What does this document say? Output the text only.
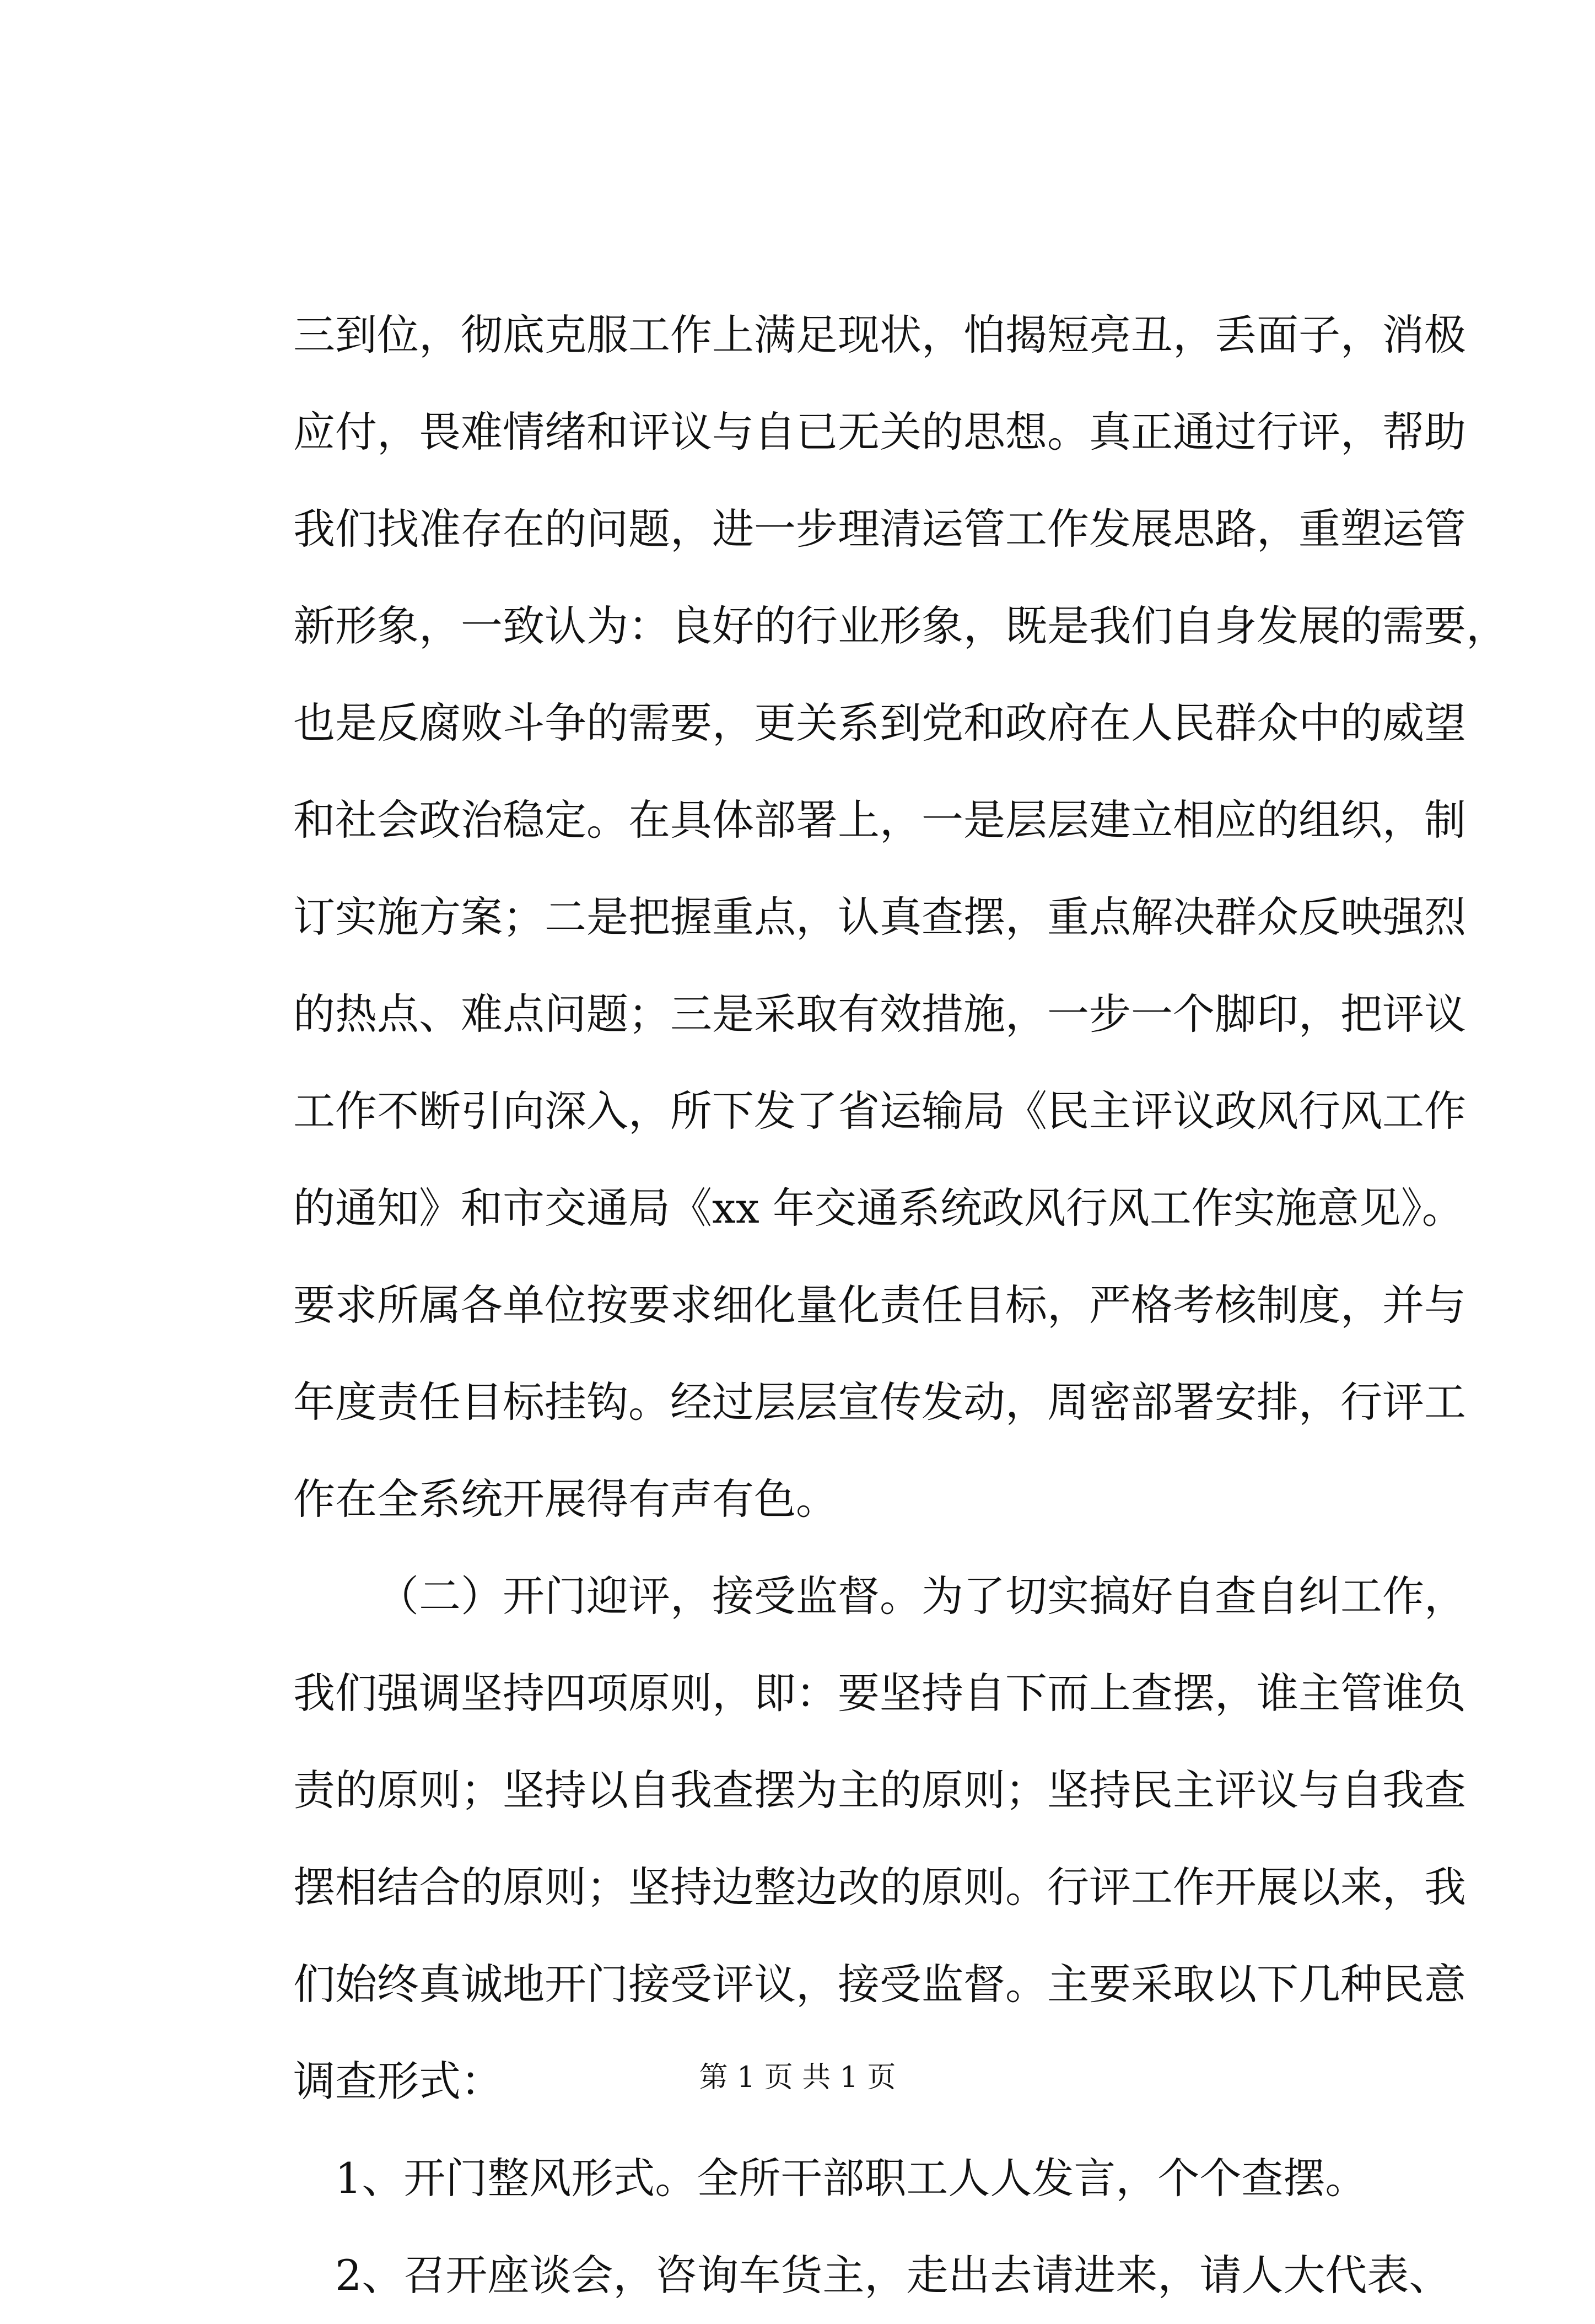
三到位，彻底克服工作上满足现状，怕揭短亮丑，丢面子，消极
应付，畏难情绪和评议与自已无关的思想。真正通过行评，帮助
我们找准存在的问题，进一步理清运管工作发展思路，重塑运管
新形象，一致认为：良好的行业形象，既是我们自身发展的需要，
也是反腐败斗争的需要，更关系到党和政府在人民群众中的威望
和社会政治稳定。在具体部署上，一是层层建立相应的组织，制
订实施方案；二是把握重点，认真查摆，重点解决群众反映强烈
的热点、难点问题；三是采取有效措施，一步一个脚印，把评议
工作不断引向深入，所下发了省运输局《民主评议政风行风工作
的通知》和市交通局《xx 年交通系统政风行风工作实施意见》。
要求所属各单位按要求细化量化责任目标，严格考核制度，并与
年度责任目标挂钩。经过层层宣传发动，周密部署安排，行评工
作在全系统开展得有声有色。
（二）开门迎评，接受监督。为了切实搞好自查自纠工作，
我们强调坚持四项原则，即：要坚持自下而上查摆，谁主管谁负
责的原则；坚持以自我查摆为主的原则；坚持民主评议与自我查
摆相结合的原则；坚持边整边改的原则。行评工作开展以来，我
们始终真诚地开门接受评议，接受监督。主要采取以下几种民意
调查形式：
1、开门整风形式。全所干部职工人人发言，个个查摆。
2、召开座谈会，咨询车货主，走出去请进来，请人大代表、
第 1 页 共 1 页
